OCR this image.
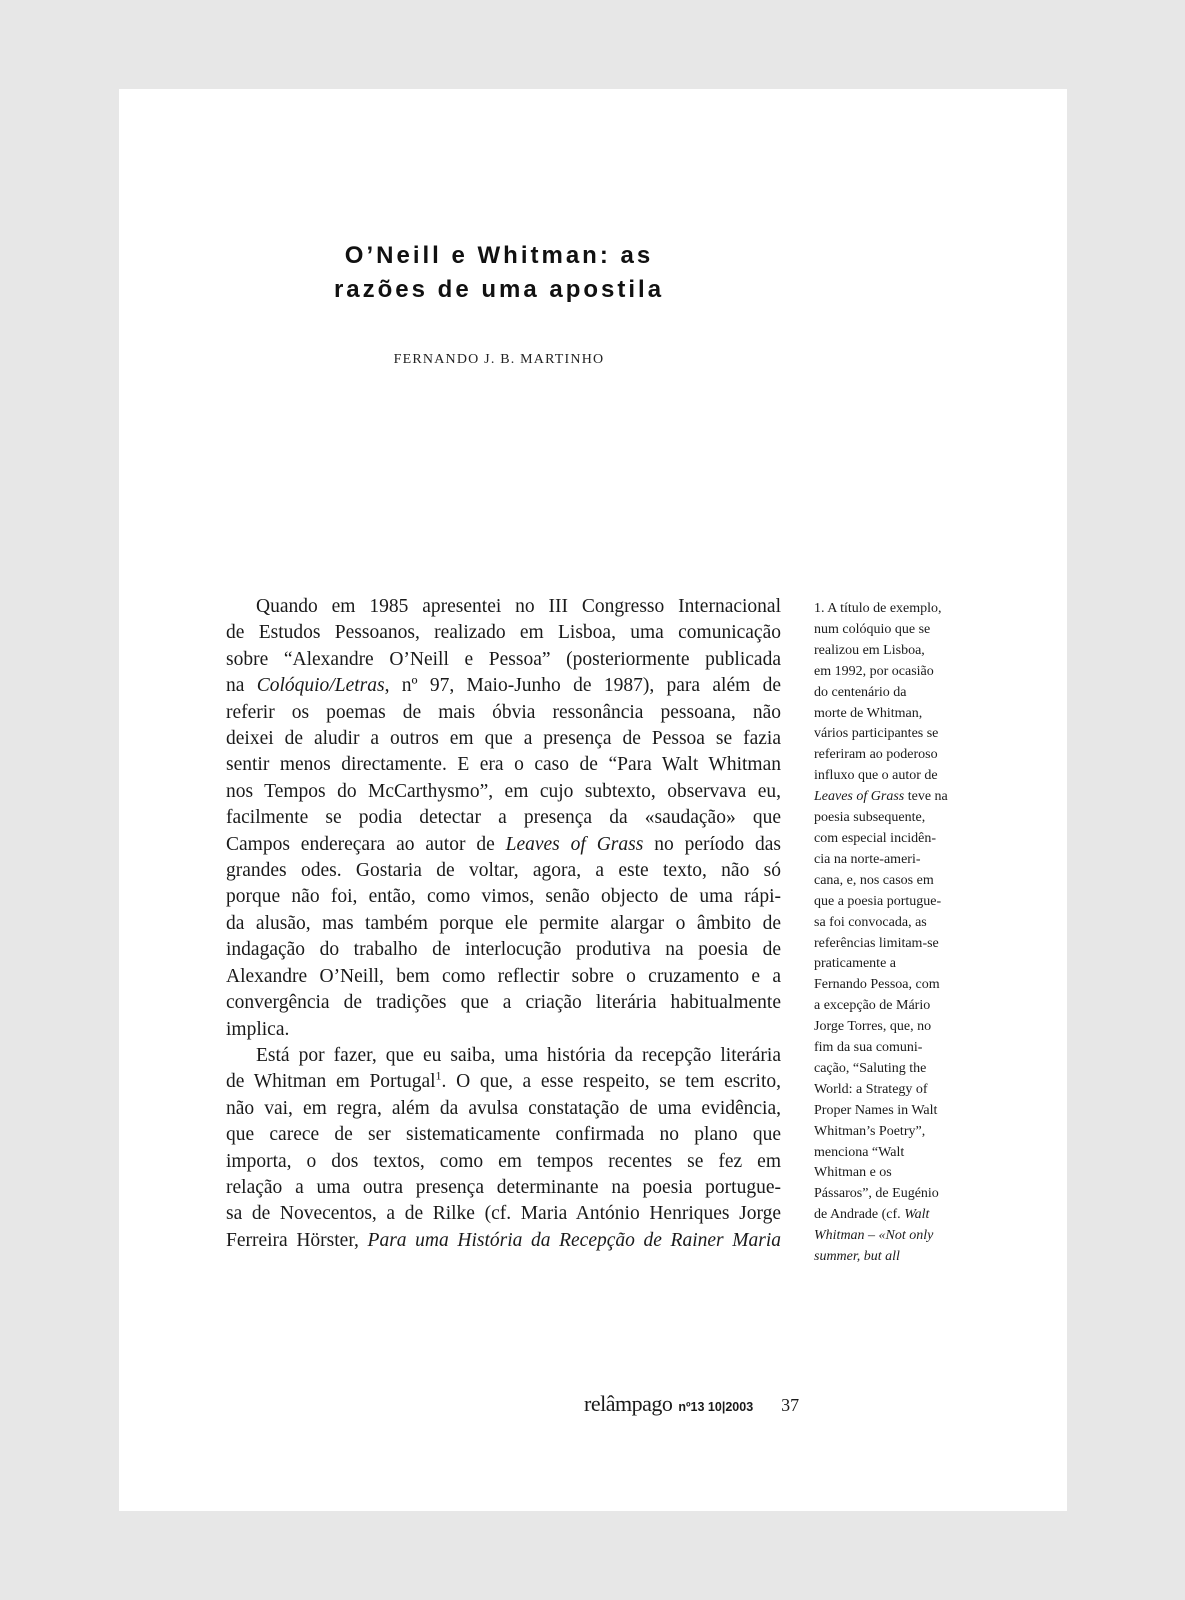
O’Neill e Whitman: as
razões de uma apostila
FERNANDO J. B. MARTINHO
Quando em 1985 apresentei no III Congresso Internacional
de Estudos Pessoanos, realizado em Lisboa, uma comunicação
sobre “Alexandre O’Neill e Pessoa” (posteriormente publicada
na Colóquio/Letras, nº 97, Maio-Junho de 1987), para além de
referir os poemas de mais óbvia ressonância pessoana, não
deixei de aludir a outros em que a presença de Pessoa se fazia
sentir menos directamente. E era o caso de “Para Walt Whitman
nos Tempos do McCarthysmo”, em cujo subtexto, observava eu,
facilmente se podia detectar a presença da «saudação» que
Campos endereçara ao autor de Leaves of Grass no período das
grandes odes. Gostaria de voltar, agora, a este texto, não só
porque não foi, então, como vimos, senão objecto de uma rápi-
da alusão, mas também porque ele permite alargar o âmbito de
indagação do trabalho de interlocução produtiva na poesia de
Alexandre O’Neill, bem como reflectir sobre o cruzamento e a
convergência de tradições que a criação literária habitualmente
implica.
Está por fazer, que eu saiba, uma história da recepção literária
de Whitman em Portugal$^1$. O que, a esse respeito, se tem escrito,
não vai, em regra, além da avulsa constatação de uma evidência,
que carece de ser sistematicamente confirmada no plano que
importa, o dos textos, como em tempos recentes se fez em
relação a uma outra presença determinante na poesia portugue-
sa de Novecentos, a de Rilke (cf. Maria António Henriques Jorge
Ferreira Hörster, Para uma História da Recepção de Rainer Maria
1. A título de exemplo,
num colóquio que se
realizou em Lisboa,
em 1992, por ocasião
do centenário da
morte de Whitman,
vários participantes se
referiram ao poderoso
influxo que o autor de
Leaves of Grass teve na
poesia subsequente,
com especial incidên-
cia na norte-ameri-
cana, e, nos casos em
que a poesia portugue-
sa foi convocada, as
referências limitam-se
praticamente a
Fernando Pessoa, com
a excepção de Mário
Jorge Torres, que, no
fim da sua comuni-
cação, “Saluting the
World: a Strategy of
Proper Names in Walt
Whitman’s Poetry”,
menciona “Walt
Whitman e os
Pássaros”, de Eugénio
de Andrade (cf. Walt
Whitman – «Not only
summer, but all
relâmpago nº13 10|2003 37
